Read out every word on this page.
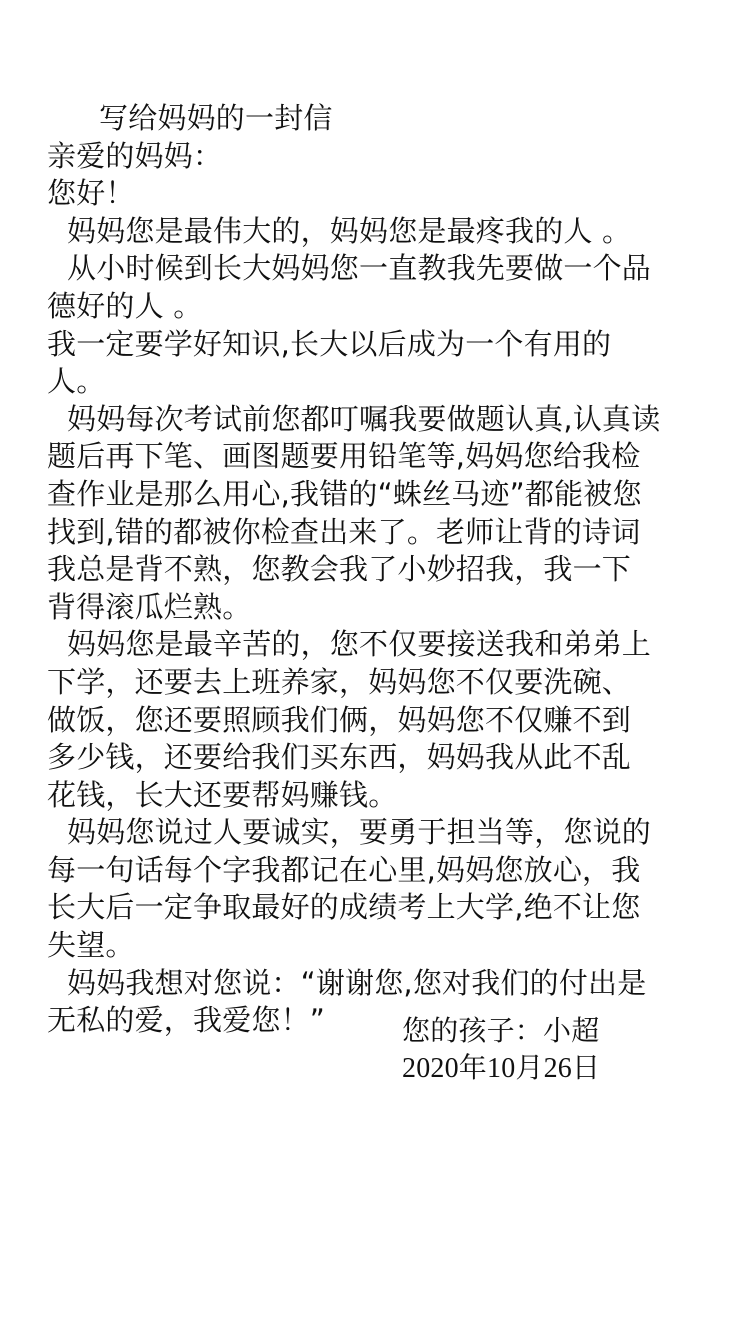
写给妈妈的一封信
亲爱的妈妈：
您好！
妈妈您是最伟大的，妈妈您是最疼我的人 。
从小时候到长大妈妈您一直教我先要做一个品
德好的人 。
我一定要学好知识,长大以后成为一个有用的
人。
妈妈每次考试前您都叮嘱我要做题认真,认真读
题后再下笔、画图题要用铅笔等,妈妈您给我检
查作业是那么用心,我错的“蛛丝马迹”都能被您
找到,错的都被你检查出来了。老师让背的诗词
我总是背不熟，您教会我了小妙招我，我一下
背得滚瓜烂熟。
妈妈您是最辛苦的，您不仅要接送我和弟弟上
下学，还要去上班养家，妈妈您不仅要洗碗、
做饭，您还要照顾我们俩，妈妈您不仅赚不到
多少钱，还要给我们买东西，妈妈我从此不乱
花钱，长大还要帮妈赚钱。
妈妈您说过人要诚实，要勇于担当等，您说的
每一句话每个字我都记在心里,妈妈您放心，我
长大后一定争取最好的成绩考上大学,绝不让您
失望。
妈妈我想对您说：“谢谢您,您对我们的付出是
无私的爱，我爱您！”	您的孩子：小超
2020年10月26日
